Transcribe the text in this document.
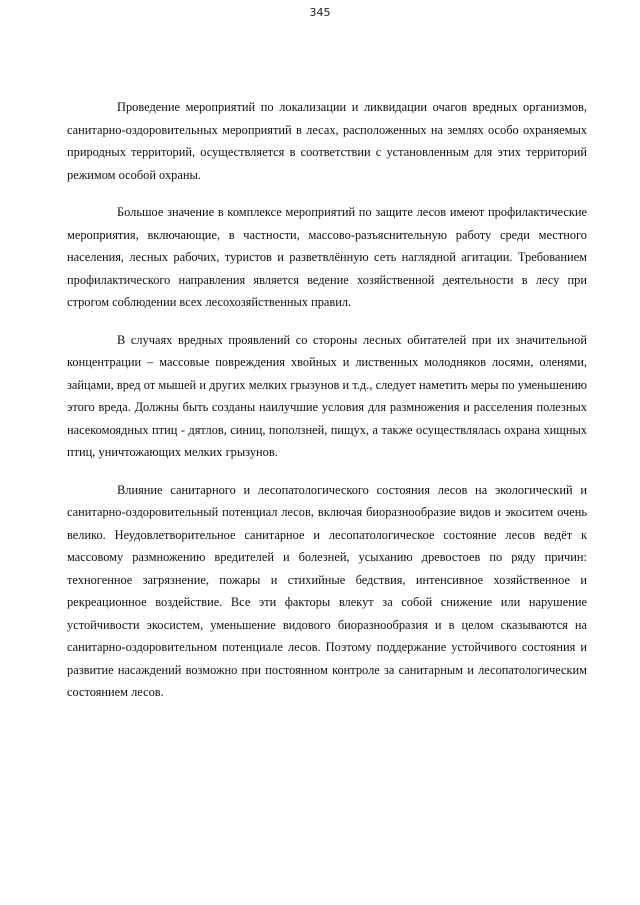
345

Проведение мероприятий по локализации и ликвидации очагов вредных организмов, санитарно-оздоровительных мероприятий в лесах, расположенных на землях особо охраняемых природных территорий, осуществляется в соответствии с установленным для этих территорий режимом особой охраны.

Большое значение в комплексе мероприятий по защите лесов имеют профилактические мероприятия, включающие, в частности, массово-разъяснительную работу среди местного населения, лесных рабочих, туристов и разветвлённую сеть наглядной агитации. Требованием профилактического направления является ведение хозяйственной деятельности в лесу при строгом соблюдении всех лесохозяйственных правил.

В случаях вредных проявлений со стороны лесных обитателей при их значительной концентрации – массовые повреждения хвойных и лиственных молодняков лосями, оленями, зайцами, вред от мышей и других мелких грызунов и т.д., следует наметить меры по уменьшению этого вреда. Должны быть созданы наилучшие условия для размножения и расселения полезных насекомоядных птиц - дятлов, синиц, поползней, пищух, а также осуществлялась охрана хищных птиц, уничтожающих мелких грызунов.

Влияние санитарного и лесопатологического состояния лесов на экологический и санитарно-оздоровительный потенциал лесов, включая биоразнообразие видов и экоситем очень велико. Неудовлетворительное санитарное и лесопатологическое состояние лесов ведёт к массовому размножению вредителей и болезней, усыханию древостоев по ряду причин: техногенное загрязнение, пожары и стихийные бедствия, интенсивное хозяйственное и рекреационное воздействие. Все эти факторы влекут за собой снижение или нарушение устойчивости экосистем, уменьшение видового биоразнообразия и в целом сказываются на санитарно-оздоровительном потенциале лесов. Поэтому поддержание устойчивого состояния и развитие насаждений возможно при постоянном контроле за санитарным и лесопатологическим состоянием лесов.
